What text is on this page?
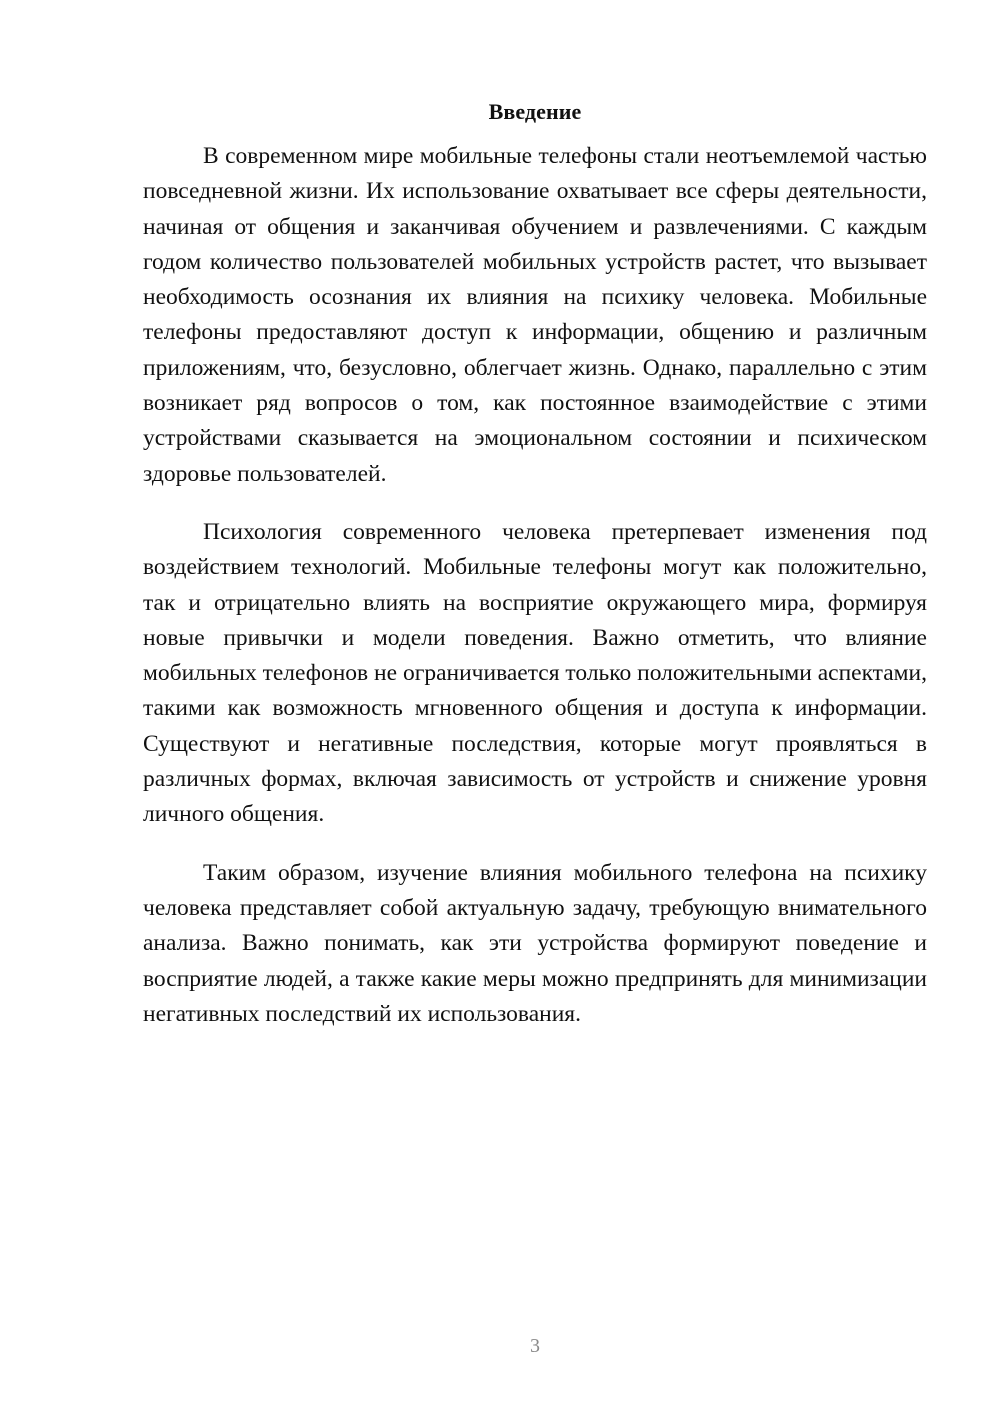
Введение

В современном мире мобильные телефоны стали неотъемлемой частью повседневной жизни. Их использование охватывает все сферы деятельности, начиная от общения и заканчивая обучением и развлечениями. С каждым годом количество пользователей мобильных устройств растет, что вызывает необходимость осознания их влияния на психику человека. Мобильные телефоны предоставляют доступ к информации, общению и различным приложениям, что, безусловно, облегчает жизнь. Однако, параллельно с этим возникает ряд вопросов о том, как постоянное взаимодействие с этими устройствами сказывается на эмоциональном состоянии и психическом здоровье пользователей.

Психология современного человека претерпевает изменения под воздействием технологий. Мобильные телефоны могут как положительно, так и отрицательно влиять на восприятие окружающего мира, формируя новые привычки и модели поведения. Важно отметить, что влияние мобильных телефонов не ограничивается только положительными аспектами, такими как возможность мгновенного общения и доступа к информации. Существуют и негативные последствия, которые могут проявляться в различных формах, включая зависимость от устройств и снижение уровня личного общения.

Таким образом, изучение влияния мобильного телефона на психику человека представляет собой актуальную задачу, требующую внимательного анализа. Важно понимать, как эти устройства формируют поведение и восприятие людей, а также какие меры можно предпринять для минимизации негативных последствий их использования.

3
